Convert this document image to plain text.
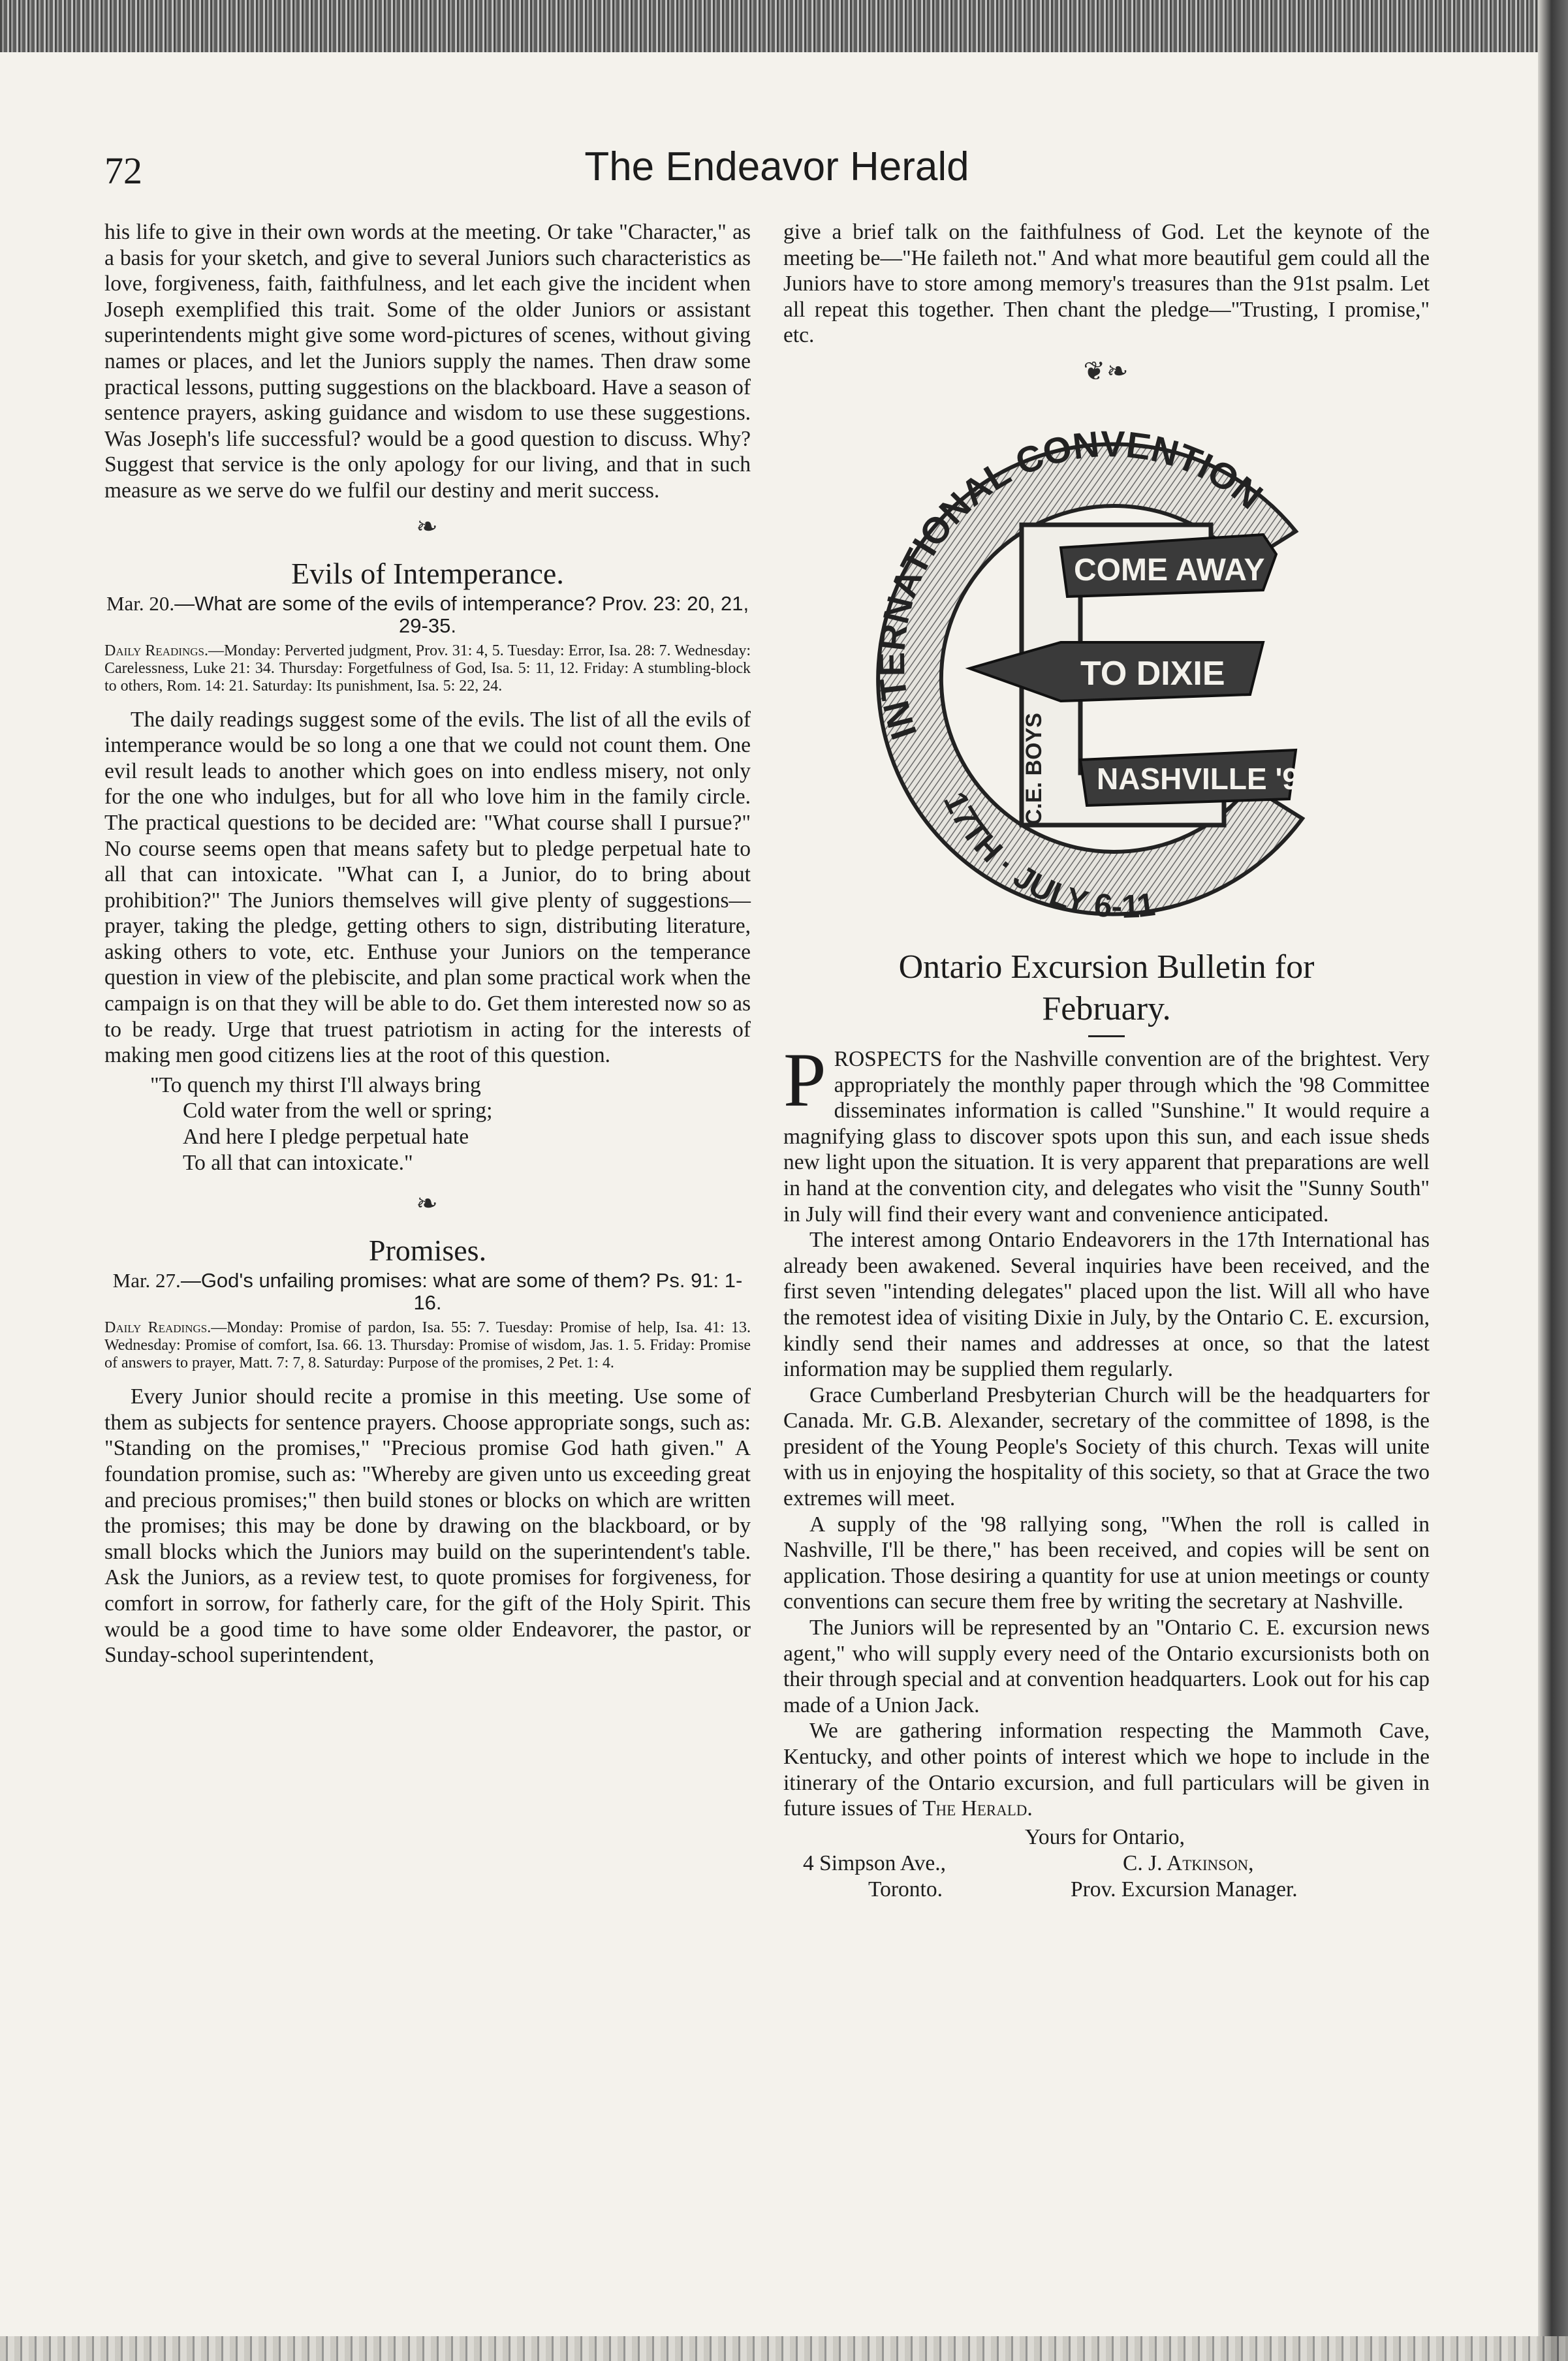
72	The Endeavor Herald

his life to give in their own words at the meeting. Or take "Character," as a basis for your sketch, and give to several Juniors such characteristics as love, forgiveness, faith, faithfulness, and let each give the incident when Joseph exemplified this trait. Some of the older Juniors or assistant superintendents might give some word-pictures of scenes, without giving names or places, and let the Juniors supply the names. Then draw some practical lessons, putting suggestions on the blackboard. Have a season of sentence prayers, asking guidance and wisdom to use these suggestions. Was Joseph's life successful? would be a good question to discuss. Why? Suggest that service is the only apology for our living, and that in such measure as we serve do we fulfil our destiny and merit success.

❧
Evils of Intemperance.
Mar. 20.—What are some of the evils of intemperance? Prov. 23: 20, 21, 29-35.
Daily Readings.—Monday: Perverted judgment, Prov. 31: 4, 5. Tuesday: Error, Isa. 28: 7. Wednesday: Carelessness, Luke 21: 34. Thursday: Forgetfulness of God, Isa. 5: 11, 12. Friday: A stumbling-block to others, Rom. 14: 21. Saturday: Its punishment, Isa. 5: 22, 24.

The daily readings suggest some of the evils. The list of all the evils of intemperance would be so long a one that we could not count them. One evil result leads to another which goes on into endless misery, not only for the one who indulges, but for all who love him in the family circle. The practical questions to be decided are: "What course shall I pursue?" No course seems open that means safety but to pledge perpetual hate to all that can intoxicate. "What can I, a Junior, do to bring about prohibition?" The Juniors themselves will give plenty of suggestions—prayer, taking the pledge, getting others to sign, distributing literature, asking others to vote, etc. Enthuse your Juniors on the temperance question in view of the plebiscite, and plan some practical work when the campaign is on that they will be able to do. Get them interested now so as to be ready. Urge that truest patriotism in acting for the interests of making men good citizens lies at the root of this question.

"To quench my thirst I'll always bring
Cold water from the well or spring;
And here I pledge perpetual hate
To all that can intoxicate."
❧
Promises.
Mar. 27.—God's unfailing promises: what are some of them? Ps. 91: 1-16.
Daily Readings.—Monday: Promise of pardon, Isa. 55: 7. Tuesday: Promise of help, Isa. 41: 13. Wednesday: Promise of comfort, Isa. 66. 13. Thursday: Promise of wisdom, Jas. 1. 5. Friday: Promise of answers to prayer, Matt. 7: 7, 8. Saturday: Purpose of the promises, 2 Pet. 1: 4.

Every Junior should recite a promise in this meeting. Use some of them as subjects for sentence prayers. Choose appropriate songs, such as: "Standing on the promises," "Precious promise God hath given." A foundation promise, such as: "Whereby are given unto us exceeding great and precious promises;" then build stones or blocks on which are written the promises; this may be done by drawing on the blackboard, or by small blocks which the Juniors may build on the superintendent's table. Ask the Juniors, as a review test, to quote promises for forgiveness, for comfort in sorrow, for fatherly care, for the gift of the Holy Spirit. This would be a good time to have some older Endeavorer, the pastor, or Sunday-school superintendent,

give a brief talk on the faithfulness of God. Let the keynote of the meeting be—"He faileth not." And what more beautiful gem could all the Juniors have to store among memory's treasures than the 91st psalm. Let all repeat this together. Then chant the pledge—"Trusting, I promise," etc.

❦❧
INTERNATIONAL CONVENTION
17TH · JULY 6-11
COME AWAY
TO DIXIE
NASHVILLE '98
C.E. BOYS
Ontario Excursion Bulletin for
February.

PROSPECTS for the Nashville convention are of the brightest. Very appropriately the monthly paper through which the '98 Committee disseminates information is called "Sunshine." It would require a magnifying glass to discover spots upon this sun, and each issue sheds new light upon the situation. It is very apparent that preparations are well in hand at the convention city, and delegates who visit the "Sunny South" in July will find their every want and convenience anticipated.

The interest among Ontario Endeavorers in the 17th International has already been awakened. Several inquiries have been received, and the first seven "intending delegates" placed upon the list. Will all who have the remotest idea of visiting Dixie in July, by the Ontario C. E. excursion, kindly send their names and addresses at once, so that the latest information may be supplied them regularly.

Grace Cumberland Presbyterian Church will be the headquarters for Canada. Mr. G.B. Alexander, secretary of the committee of 1898, is the president of the Young People's Society of this church. Texas will unite with us in enjoying the hospitality of this society, so that at Grace the two extremes will meet.

A supply of the '98 rallying song, "When the roll is called in Nashville, I'll be there," has been received, and copies will be sent on application. Those desiring a quantity for use at union meetings or county conventions can secure them free by writing the secretary at Nashville.

The Juniors will be represented by an "Ontario C. E. excursion news agent," who will supply every need of the Ontario excursionists both on their through special and at convention headquarters. Look out for his cap made of a Union Jack.

We are gathering information respecting the Mammoth Cave, Kentucky, and other points of interest which we hope to include in the itinerary of the Ontario excursion, and full particulars will be given in future issues of The Herald.

Yours for Ontario,
4 Simpson Ave.,	C. J. Atkinson,
Toronto.	Prov. Excursion Manager.
